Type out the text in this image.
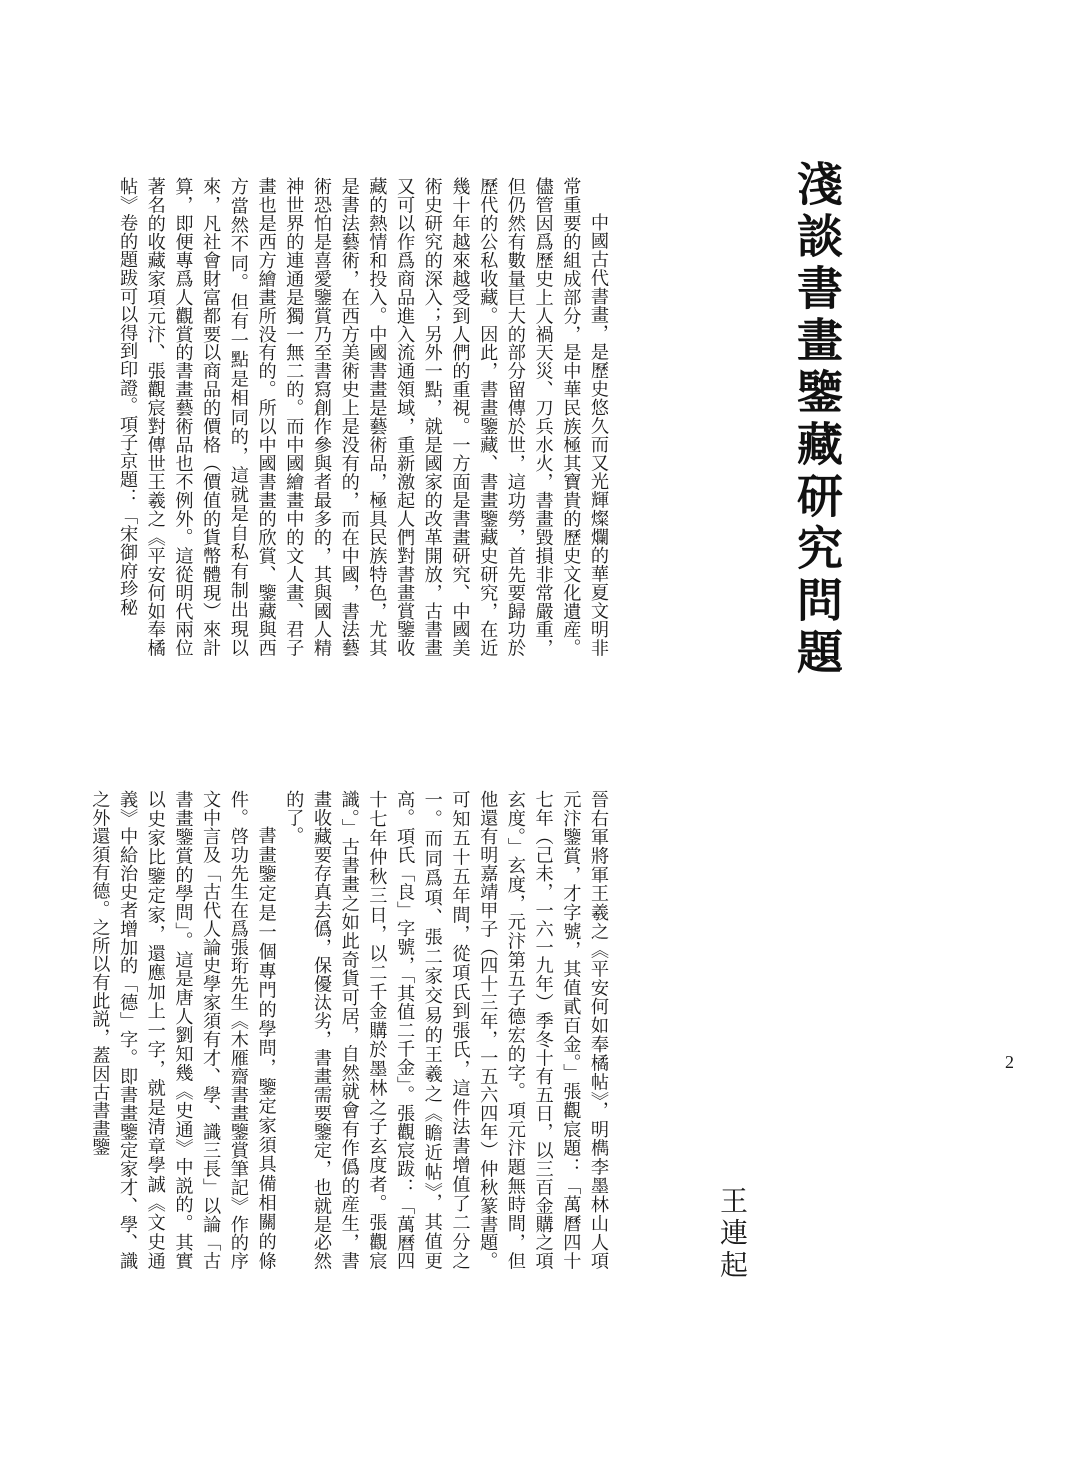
淺談書畫鑒藏研究問題

中國古代書畫，是歷史悠久而又光輝燦爛的華夏文明非常重要的組成部分，是中華民族極其寶貴的歷史文化遺産。儘管因爲歷史上人禍天災、刀兵水火，書畫毀損非常嚴重，但仍然有數量巨大的部分留傳於世，這功勞，首先要歸功於歷代的公私收藏。因此，書畫鑒藏、書畫鑒藏史研究，在近幾十年越來越受到人們的重視。一方面是書畫研究、中國美術史研究的深入；另外一點，就是國家的改革開放，古書畫又可以作爲商品進入流通領域，重新激起人們對書畫賞鑒收藏的熱情和投入。中國書畫是藝術品，極具民族特色，尤其是書法藝術，在西方美術史上是没有的，而在中國，書法藝術恐怕是喜愛鑒賞乃至書寫創作參與者最多的，其與國人精神世界的連通是獨一無二的。而中國繪畫中的文人畫、君子畫也是西方繪畫所没有的。所以中國書畫的欣賞、鑒藏與西方當然不同。但有一點是相同的，這就是自私有制出現以來，凡社會財富都要以商品的價格（價值的貨幣體現）來計算，即便專爲人觀賞的書畫藝術品也不例外。這從明代兩位著名的收藏家項元汴、張觀宸對傳世王羲之《平安何如奉橘帖》卷的題跋可以得到印證。項子京題：「宋御府珍秘

晉右軍將軍王羲之《平安何如奉橘帖》，明檇李墨林山人項元汴鑒賞，才字號，其值貳百金。」張觀宸題：「萬曆四十七年（己未，一六一九年）季冬十有五日，以三百金購之項玄度。」玄度，元汴第五子德宏的字。項元汴題無時間，但他還有明嘉靖甲子（四十三年，一五六四年）仲秋篆書題。可知五十五年間，從項氏到張氏，這件法書增值了二分之一。而同爲項、張二家交易的王羲之《瞻近帖》，其值更高。項氏「良」字號，「其值二千金」。張觀宸跋：「萬曆四十七年仲秋三日，以二千金購於墨林之子玄度者。張觀宸識。」古書畫之如此奇貨可居，自然就會有作僞的産生，書畫收藏要存真去僞，保優汰劣，書畫需要鑒定，也就是必然的了。

書畫鑒定是一個專門的學問，鑒定家須具備相關的條件。啓功先生在爲張珩先生《木雁齋書畫鑒賞筆記》作的序文中言及「古代人論史學家須有才、學、識三長」以論「古書畫鑒賞的學問」。這是唐人劉知幾《史通》中説的。其實以史家比鑒定家，還應加上一字，就是清章學誠《文史通義》中給治史者增加的「德」字。即書畫鑒定家才、學、識之外還須有德。之所以有此説，蓋因古書畫鑒

王連起
2
